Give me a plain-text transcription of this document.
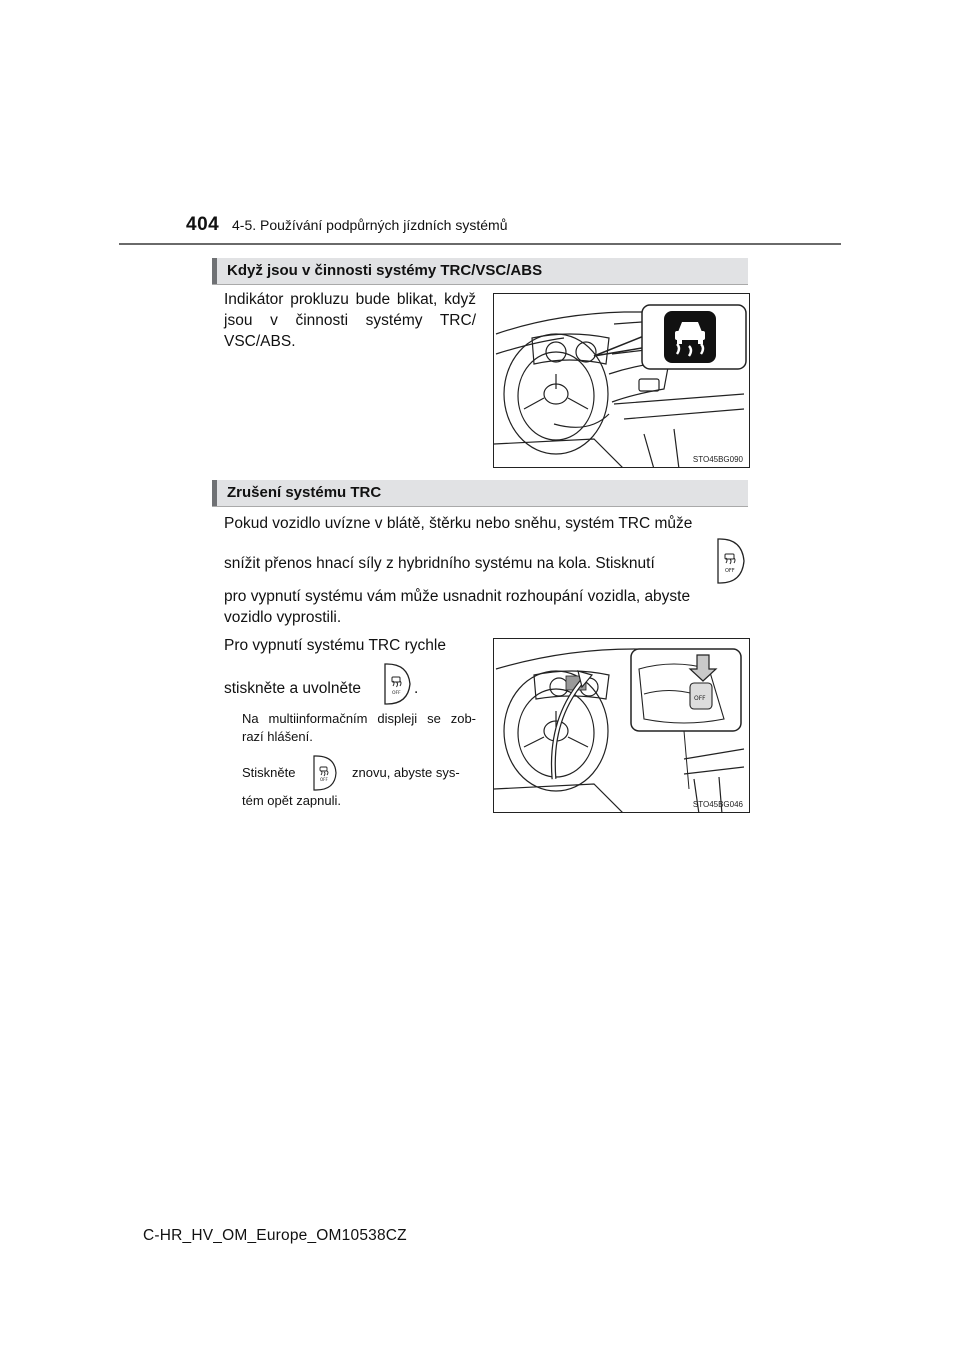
404 4-5. Používání podpůrných jízdních systémů
Když jsou v činnosti systémy TRC/VSC/ABS
Indikátor prokluzu bude blikat, když jsou v činnosti systémy TRC/ VSC/ABS.
STO45BG090
Zrušení systému TRC
Pokud vozidlo uvízne v blátě, štěrku nebo sněhu, systém TRC může
snížit přenos hnací síly z hybridního systému na kola. Stisknutí	OFF
pro vypnutí systému vám může usnadnit rozhoupání vozidla, abyste
vozidlo vyprostili.
Pro vypnutí systému TRC rychle
stiskněte a uvolněte	OFF .
Na multiinformačním displeji se zob- razí hlášení.
Stiskněte	OFF znovu, abyste sys-
tém opět zapnuli.
OFF
STO45BG046
C-HR_HV_OM_Europe_OM10538CZ
